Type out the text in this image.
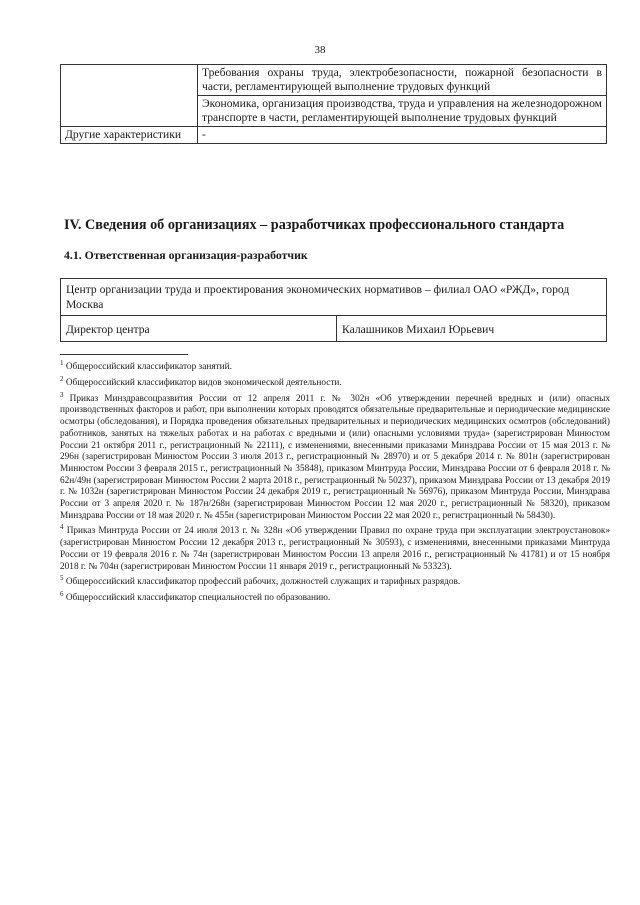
38
	Требования охраны труда, электробезопасности, пожарной безопасности в части, регламентирующей выполнение трудовых функций
	Экономика, организация производства, труда и управления на железнодорожном транспорте в части, регламентирующей выполнение трудовых функций
Другие характеристики	-
IV. Сведения об организациях – разработчиках профессионального стандарта
4.1. Ответственная организация-разработчик
Центр организации труда и проектирования экономических нормативов – филиал ОАО «РЖД», город Москва
Директор центра	Калашников Михаил Юрьевич

$^1$ Общероссийский классификатор занятий.

$^2$ Общероссийский классификатор видов экономической деятельности.

$^3$ Приказ Минздравсоцразвития России от 12 апреля 2011 г. № 302н «Об утверждении перечней вредных и (или) опасных производственных факторов и работ, при выполнении которых проводятся обязательные предварительные и периодические медицинские осмотры (обследования), и Порядка проведения обязательных предварительных и периодических медицинских осмотров (обследований) работников, занятых на тяжелых работах и на работах с вредными и (или) опасными условиями труда» (зарегистрирован Минюстом России 21 октября 2011 г., регистрационный № 22111), с изменениями, внесенными приказами Минздрава России от 15 мая 2013 г. № 296н (зарегистрирован Минюстом России 3 июля 2013 г., регистрационный № 28970) и от 5 декабря 2014 г. № 801н (зарегистрирован Минюстом России 3 февраля 2015 г., регистрационный № 35848), приказом Минтруда России, Минздрава России от 6 февраля 2018 г. № 62н/49н (зарегистрирован Минюстом России 2 марта 2018 г., регистрационный № 50237), приказом Минздрава России от 13 декабря 2019 г. № 1032н (зарегистрирован Минюстом России 24 декабря 2019 г., регистрационный № 56976), приказом Минтруда России, Минздрава России от 3 апреля 2020 г. № 187н/268н (зарегистрирован Минюстом России 12 мая 2020 г., регистрационный № 58320), приказом Минздрава России от 18 мая 2020 г. № 455н (зарегистрирован Минюстом России 22 мая 2020 г., регистрационный № 58430).

$^4$ Приказ Минтруда России от 24 июля 2013 г. № 328н «Об утверждении Правил по охране труда при эксплуатации электроустановок» (зарегистрирован Минюстом России 12 декабря 2013 г., регистрационный № 30593), с изменениями, внесенными приказами Минтруда России от 19 февраля 2016 г. № 74н (зарегистрирован Минюстом России 13 апреля 2016 г., регистрационный № 41781) и от 15 ноября 2018 г. № 704н (зарегистрирован Минюстом России 11 января 2019 г., регистрационный № 53323).

$^5$ Общероссийский классификатор профессий рабочих, должностей служащих и тарифных разрядов.

$^6$ Общероссийский классификатор специальностей по образованию.
